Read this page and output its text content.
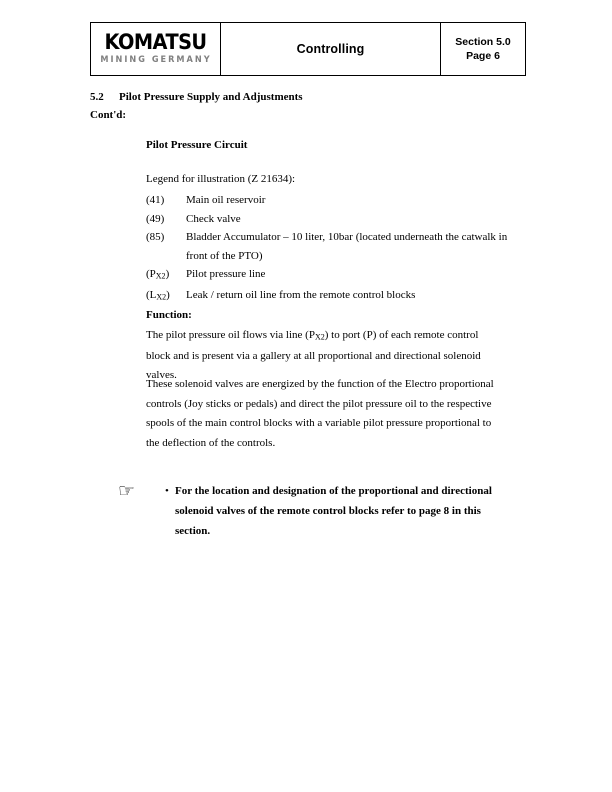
KOMATSU
MINING GERMANY
Controlling
Section 5.0
Page 6
5.2 Pilot Pressure Supply and Adjustments
Cont'd:
Pilot Pressure Circuit
Legend for illustration (Z 21634):
(41)	Main oil reservoir
(49)	Check valve
(85)	Bladder Accumulator – 10 liter, 10bar (located underneath the catwalk in front of the PTO)
$(P_{X2})$	Pilot pressure line
$(L_{X2})$	Leak / return oil line from the remote control blocks
Function:
The pilot pressure oil flows via line $(P_{X2})$ to port (P) of each remote control block and is present via a gallery at all proportional and directional solenoid valves.
These solenoid valves are energized by the function of the Electro proportional controls (Joy sticks or pedals) and direct the pilot pressure oil to the respective spools of the main control blocks with a variable pilot pressure proportional to the deflection of the controls.
☞	• For the location and designation of the proportional and directional solenoid valves of the remote control blocks refer to page 8 in this section.
